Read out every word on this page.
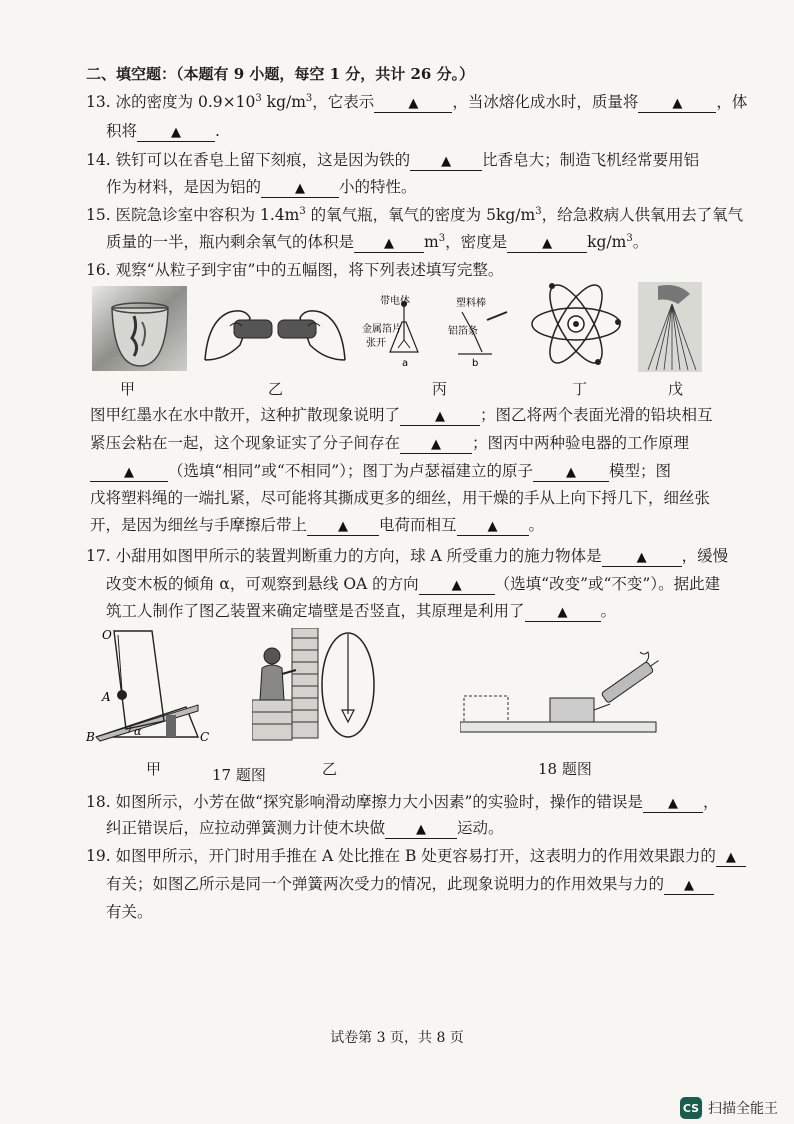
二、填空题：（本题有 9 小题，每空 1 分，共计 26 分。）
13. 冰的密度为 $0.9\times 10^3$ $kg/m^3$，它表示	▲ ，当冰熔化成水时，质量将	▲ ，体
积将	▲ .
14. 铁钉可以在香皂上留下刻痕，这是因为铁的 ▲ 比香皂大；制造飞机经常要用铝
作为材料，是因为铝的	▲ 小的特性。
15. 医院急诊室中容积为 $1.4m^3$ 的氧气瓶，氧气的密度为 $5kg/m^3$，给急救病人供氧用去了氧气
质量的一半，瓶内剩余氧气的体积是 ▲ $m^3$，密度是	▲ $kg/m^3$。
16. 观察“从粒子到宇宙”中的五幅图，将下列表述填写完整。
带电体	塑料棒
金属箔片
张开
铝箔条
a	b
甲	乙	丙	丁	戊
图甲红墨水在水中散开，这种扩散现象说明了	▲ ；图乙将两个表面光滑的铅块相互
紧压会粘在一起，这个现象证实了分子间存在 ▲ ；图丙中两种验电器的工作原理
▲ （选填“相同”或“不相同”）；图丁为卢瑟福建立的原子	▲ 模型；图
戊将塑料绳的一端扎紧，尽可能将其撕成更多的细丝，用干燥的手从上向下捋几下，细丝张
开，是因为细丝与手摩擦后带上 ▲ 电荷而相互 ▲ 。
17. 小甜用如图甲所示的装置判断重力的方向，球 A 所受重力的施力物体是	▲ ，缓慢
改变木板的倾角 α，可观察到悬线 OA 的方向	▲ （选填“改变”或“不变”）。据此建
筑工人制作了图乙装置来确定墙壁是否竖直，其原理是利用了	▲ 。
O
A
B	C
α
甲	17 题图	乙	18 题图
18. 如图所示，小芳在做“探究影响滑动摩擦力大小因素”的实验时，操作的错误是 ▲ ，
纠正错误后，应拉动弹簧测力计使木块做 ▲ 运动。
19. 如图甲所示，开门时用手推在 A 处比推在 B 处更容易打开，这表明力的作用效果跟力的 ▲
有关；如图乙所示是同一个弹簧两次受力的情况，此现象说明力的作用效果与力的 ▲
有关。
试卷第 3 页，共 8 页
CS 扫描全能王
